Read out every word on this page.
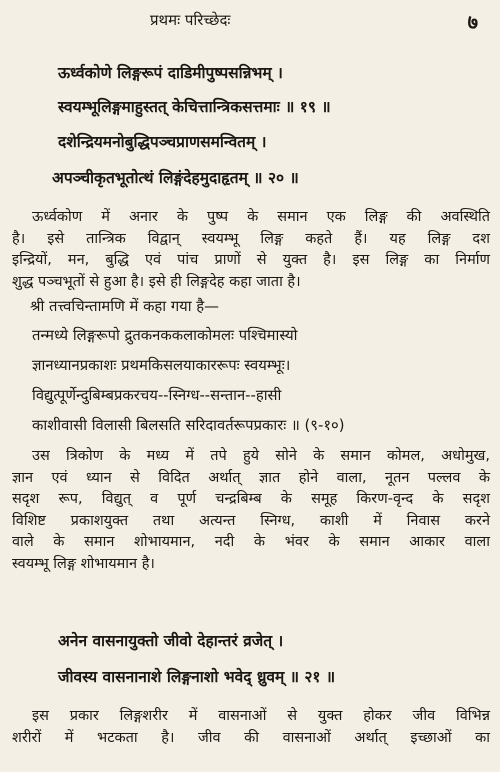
प्रथमः परिच्छेदः	७
ऊर्ध्वकोणे लिङ्गरूपं दाडिमीपुष्पसन्निभम् ।
स्वयम्भूलिङ्गमाहुस्तत् केचित्तान्त्रिकसत्तमाः ॥ १९ ॥
दशेन्द्रियमनोबुद्धिपञ्चप्राणसमन्वितम् ।
अपञ्चीकृतभूतोत्थं लिङ्गंदेहमुदाहृतम् ॥ २० ॥
ऊर्ध्वकोण में अनार के पुष्प के समान एक लिङ्ग की अवस्थिति
है। इसे तान्त्रिक विद्वान् स्वयम्भू लिङ्ग कहते हैं। यह लिङ्ग दश
इन्द्रियों, मन, बुद्धि एवं पांच प्राणों से युक्त है। इस लिङ्ग का निर्माण
शुद्ध पञ्चभूतों से हुआ है। इसे ही लिङ्गदेह कहा जाता है।
श्री तत्त्वचिन्तामणि में कहा गया है—
तन्मध्ये लिङ्गरूपो द्रुतकनककलाकोमलः पश्चिमास्यो
ज्ञानध्यानप्रकाशः प्रथमकिसलयाकाररूपः स्वयम्भूः।
विद्युत्पूर्णेन्दुबिम्बप्रकरचय--स्निग्ध--सन्तान--हासी
काशीवासी विलासी बिलसति सरिदावर्तरूपप्रकारः ॥ (९-१०)
उस त्रिकोण के मध्य में तपे हुये सोने के समान कोमल, अधोमुख,
ज्ञान एवं ध्यान से विदित अर्थात् ज्ञात होने वाला, नूतन पल्लव के
सदृश रूप, विद्युत् व पूर्ण चन्द्रबिम्ब के समूह किरण-वृन्द के सदृश
विशिष्ट प्रकाशयुक्त तथा अत्यन्त स्निग्ध, काशी में निवास करने
वाले के समान शोभायमान, नदी के भंवर के समान आकार वाला
स्वयम्भू लिङ्ग शोभायमान है।
अनेन वासनायुक्तो जीवो देहान्तरं व्रजेत् ।
जीवस्य वासनानाशे लिङ्गनाशो भवेद् ध्रुवम् ॥ २१ ॥
इस प्रकार लिङ्गशरीर में वासनाओं से युक्त होकर जीव विभिन्न
शरीरों में भटकता है। जीव की वासनाओं अर्थात् इच्छाओं का
